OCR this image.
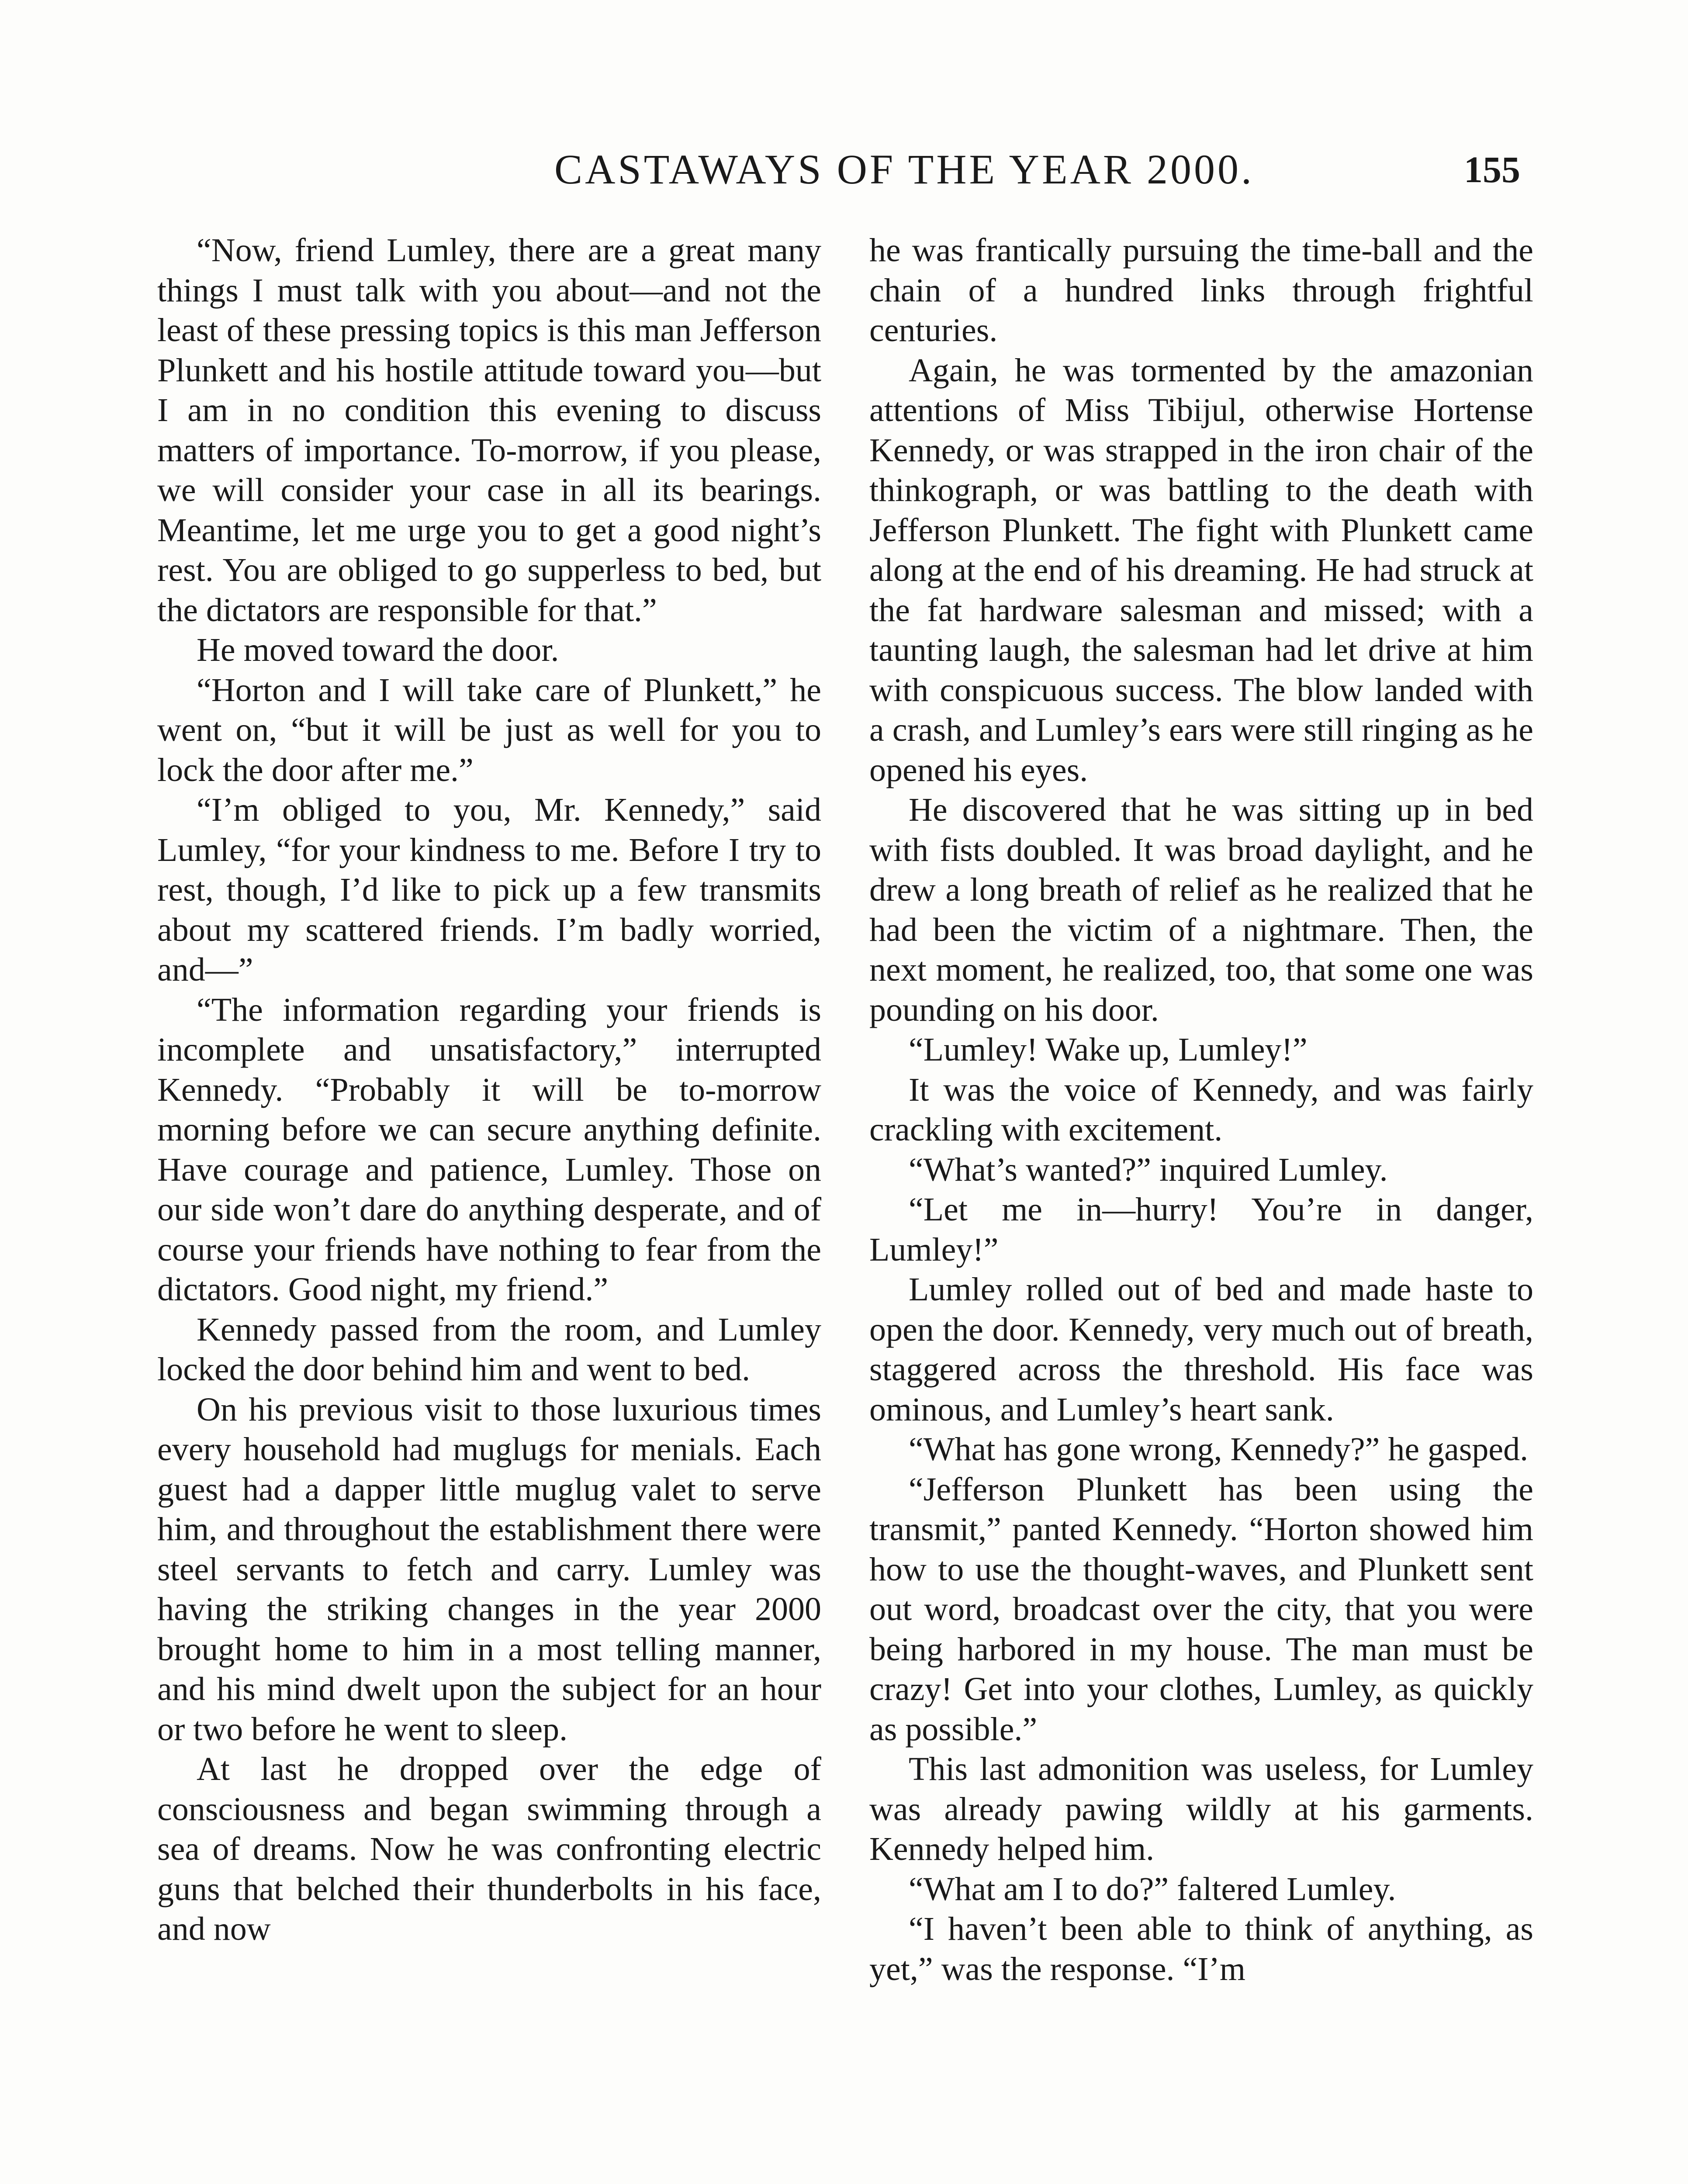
CASTAWAYS OF THE YEAR 2000.	155

“Now, friend Lumley, there are a great many things I must talk with you about—and not the least of these pressing topics is this man Jefferson Plunkett and his hostile attitude toward you—but I am in no condition this evening to discuss matters of importance. To-morrow, if you please, we will consider your case in all its bearings. Meantime, let me urge you to get a good night’s rest. You are obliged to go supperless to bed, but the dictators are responsible for that.”

He moved toward the door.

“Horton and I will take care of Plunkett,” he went on, “but it will be just as well for you to lock the door after me.”

“I’m obliged to you, Mr. Kennedy,” said Lumley, “for your kindness to me. Before I try to rest, though, I’d like to pick up a few transmits about my scattered friends. I’m badly worried, and—”

“The information regarding your friends is incomplete and unsatisfactory,” interrupted Kennedy. “Probably it will be to-morrow morning before we can secure anything definite. Have courage and patience, Lumley. Those on our side won’t dare do anything desperate, and of course your friends have nothing to fear from the dictators. Good night, my friend.”

Kennedy passed from the room, and Lumley locked the door behind him and went to bed.

On his previous visit to those luxurious times every household had muglugs for menials. Each guest had a dapper little muglug valet to serve him, and throughout the establishment there were steel servants to fetch and carry. Lumley was having the striking changes in the year 2000 brought home to him in a most telling manner, and his mind dwelt upon the subject for an hour or two before he went to sleep.

At last he dropped over the edge of consciousness and began swimming through a sea of dreams. Now he was confronting electric guns that belched their thunderbolts in his face, and now

he was frantically pursuing the time-ball and the chain of a hundred links through frightful centuries.

Again, he was tormented by the amazonian attentions of Miss Tibijul, otherwise Hortense Kennedy, or was strapped in the iron chair of the thinkograph, or was battling to the death with Jefferson Plunkett. The fight with Plunkett came along at the end of his dreaming. He had struck at the fat hardware salesman and missed; with a taunting laugh, the salesman had let drive at him with conspicuous success. The blow landed with a crash, and Lumley’s ears were still ringing as he opened his eyes.

He discovered that he was sitting up in bed with fists doubled. It was broad daylight, and he drew a long breath of relief as he realized that he had been the victim of a nightmare. Then, the next moment, he realized, too, that some one was pounding on his door.

“Lumley! Wake up, Lumley!”

It was the voice of Kennedy, and was fairly crackling with excitement.

“What’s wanted?” inquired Lumley.

“Let me in—hurry! You’re in danger, Lumley!”

Lumley rolled out of bed and made haste to open the door. Kennedy, very much out of breath, staggered across the threshold. His face was ominous, and Lumley’s heart sank.

“What has gone wrong, Kennedy?” he gasped.

“Jefferson Plunkett has been using the transmit,” panted Kennedy. “Horton showed him how to use the thought-waves, and Plunkett sent out word, broadcast over the city, that you were being harbored in my house. The man must be crazy! Get into your clothes, Lumley, as quickly as possible.”

This last admonition was useless, for Lumley was already pawing wildly at his garments. Kennedy helped him.

“What am I to do?” faltered Lumley.

“I haven’t been able to think of anything, as yet,” was the response. “I’m
